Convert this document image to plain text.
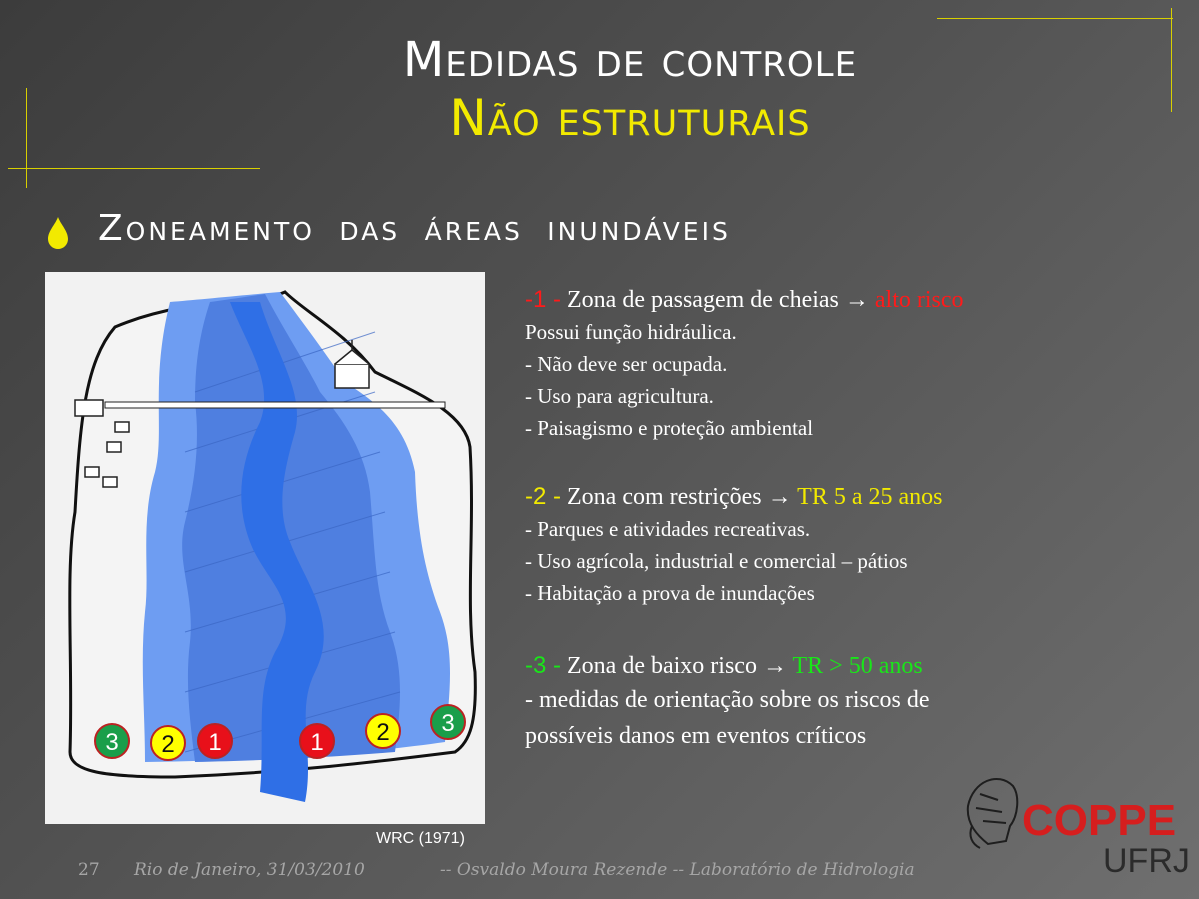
Medidas de controle
Não estruturais
Zoneamento das áreas inundáveis
3 2 1	1 2 3
WRC (1971)
-1 - Zona de passagem de cheias → alto risco
Possui função hidráulica.
- Não deve ser ocupada.
- Uso para agricultura.
- Paisagismo e proteção ambiental
-2 - Zona com restrições → TR 5 a 25 anos
- Parques e atividades recreativas.
- Uso agrícola, industrial e comercial – pátios
- Habitação a prova de inundações
-3 - Zona de baixo risco → TR > 50 anos
- medidas de orientação sobre os riscos de
possíveis danos em eventos críticos
27 Rio de Janeiro, 31/03/2010	-- Osvaldo Moura Rezende -- Laboratório de Hidrologia
COPPE
UFRJ
